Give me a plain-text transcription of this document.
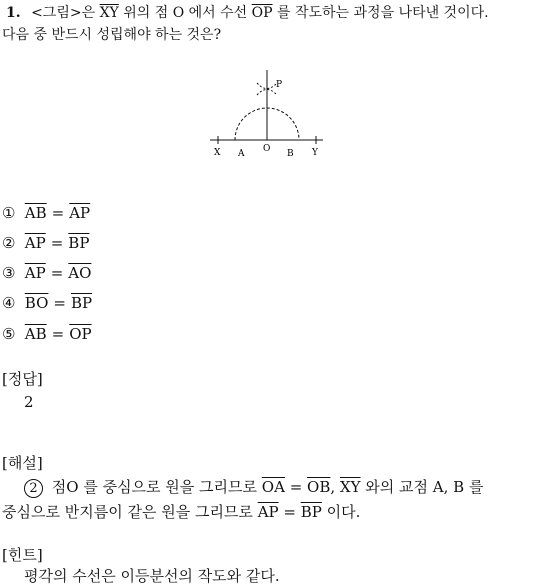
1. <그림>은 $\overline{XY}$ 위의 점 O 에서 수선 $\overline{OP}$ 를 작도하는 과정을 나타낸 것이다.
다음 중 반드시 성립해야 하는 것은?
P
X A O B Y
① $\overline{AB} = \overline{AP}$
② $\overline{AP} = \overline{BP}$
③ $\overline{AP} = \overline{AO}$
④ $\overline{BO} = \overline{BP}$
⑤ $\overline{AB} = \overline{OP}$
[정답]
2
[해설]
2 점O 를 중심으로 원을 그리므로 $\overline{OA} = \overline{OB}$, $\overline{XY}$ 와의 교점 A, B 를
중심으로 반지름이 같은 원을 그리므로 $\overline{AP} = \overline{BP}$ 이다.
[힌트]
평각의 수선은 이등분선의 작도와 같다.
